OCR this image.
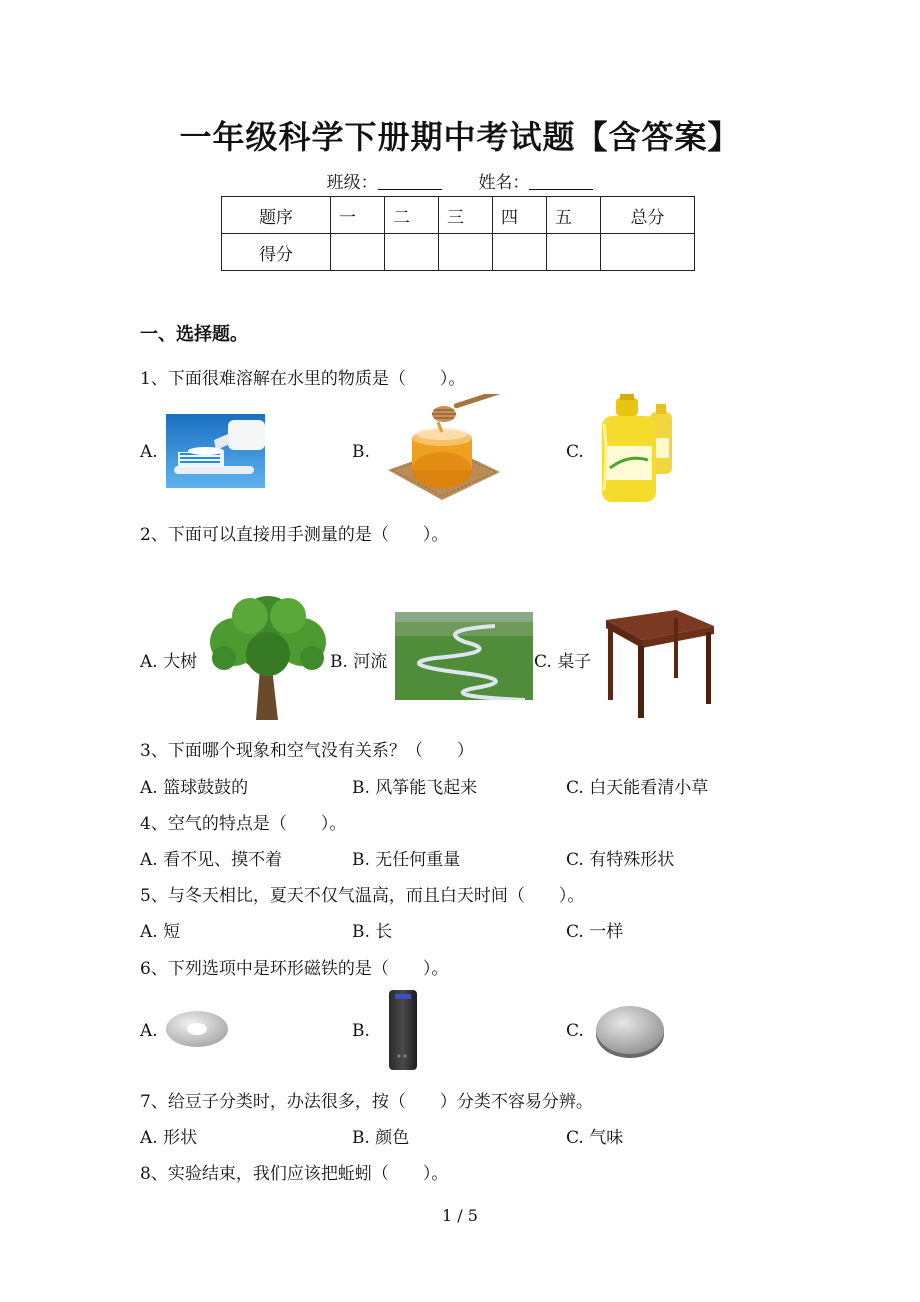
一年级科学下册期中考试题【含答案】
班级：	姓名：
题序	一	二	三	四	五	总分
得分						
一、选择题。
1、下面很难溶解在水里的物质是（　　）。
A.	B.	C.
2、下面可以直接用手测量的是（　　）。
A. 大树	B. 河流	C. 桌子
3、下面哪个现象和空气没有关系？（　　）
A. 篮球鼓鼓的	B. 风筝能飞起来	C. 白天能看清小草
4、空气的特点是（　　）。
A. 看不见、摸不着	B. 无任何重量	C. 有特殊形状
5、与冬天相比，夏天不仅气温高，而且白天时间（　　）。
A. 短	B. 长	C. 一样
6、下列选项中是环形磁铁的是（　　）。
A.	B.	C.
7、给豆子分类时，办法很多，按（　　）分类不容易分辨。
A. 形状	B. 颜色	C. 气味
8、实验结束，我们应该把蚯蚓（　　）。
1 / 5
